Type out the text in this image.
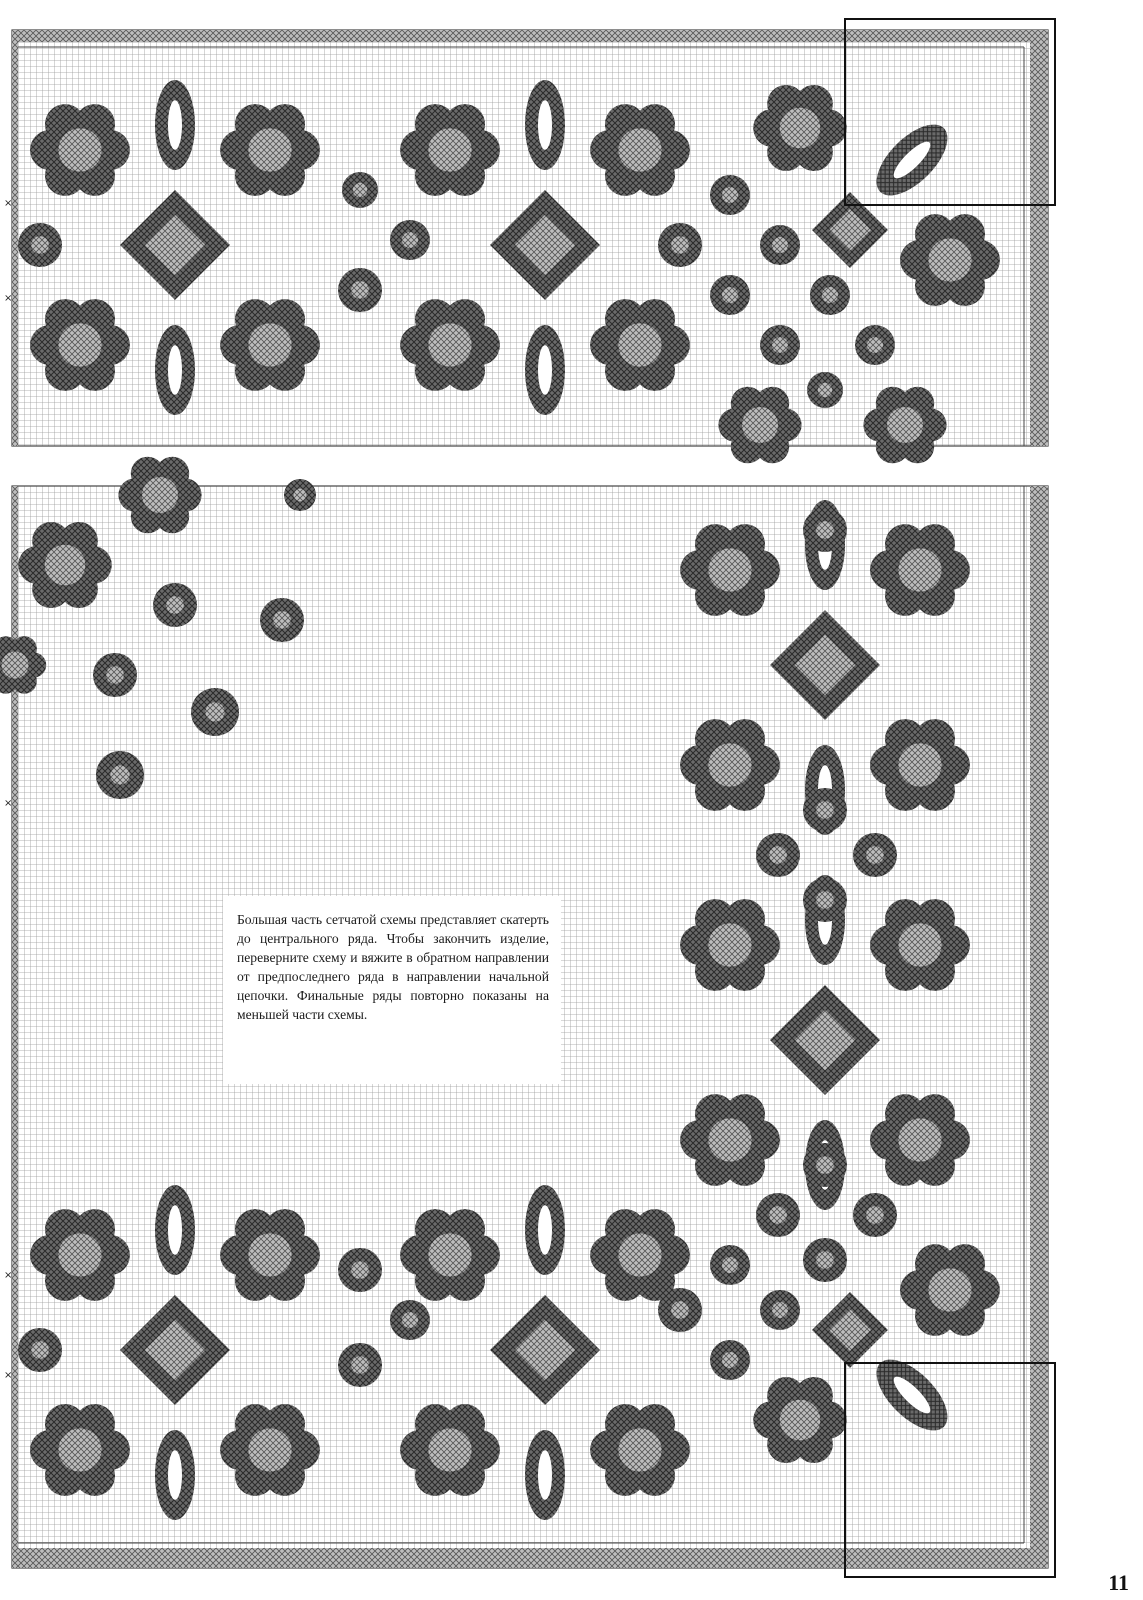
×
×
×
×
×
Большая часть сетчатой схемы представляет скатерть до центрального ряда. Чтобы закончить изделие, переверните схему и вяжите в обратном направлении от предпоследнего ряда в направлении начальной цепочки. Финальные ряды повторно показаны на меньшей части схемы.
11
